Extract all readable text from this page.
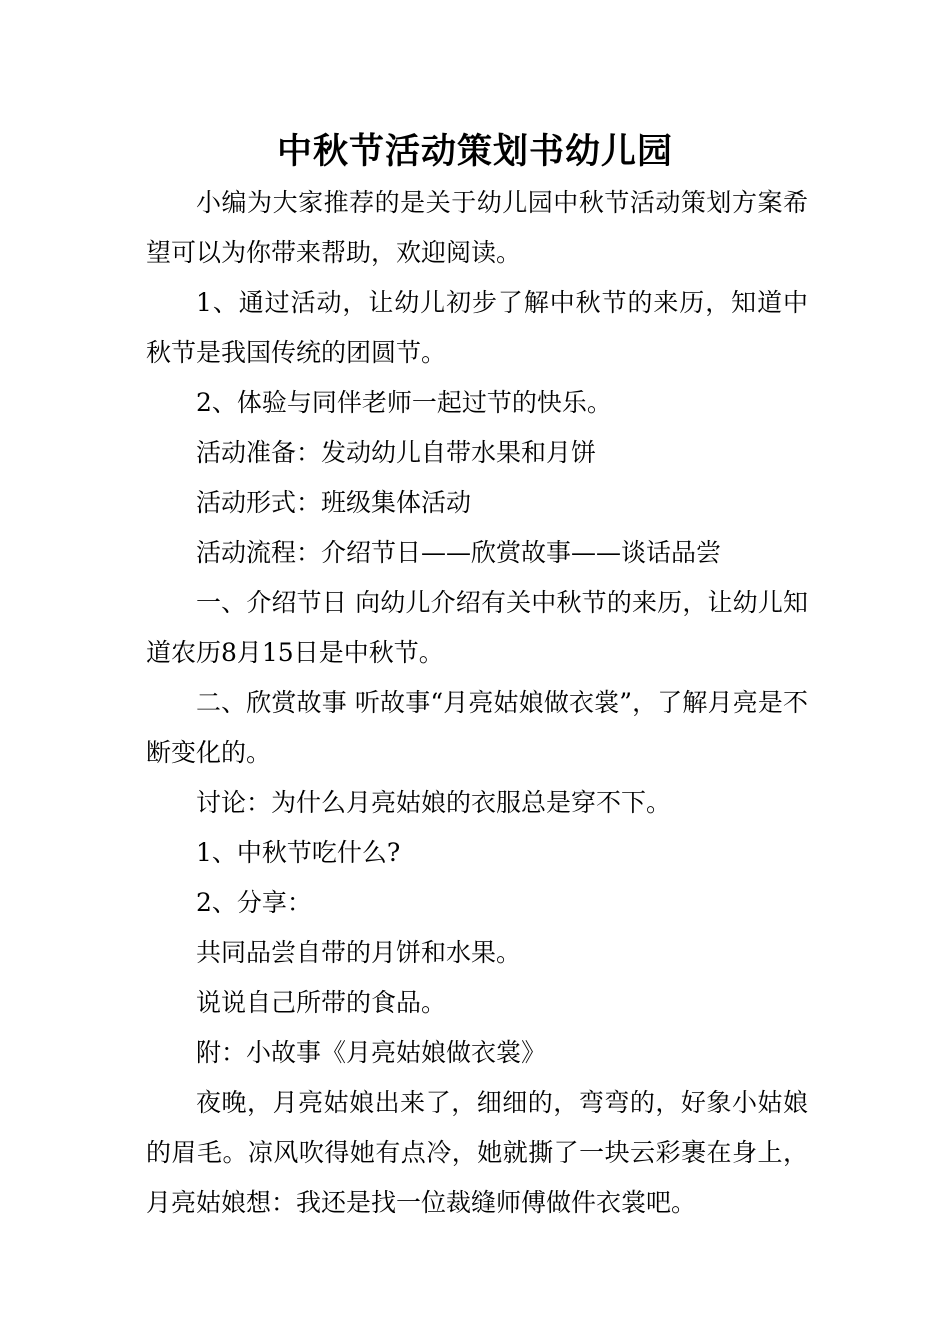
中秋节活动策划书幼儿园

小编为大家推荐的是关于幼儿园中秋节活动策划方案希望可以为你带来帮助，欢迎阅读。

1、通过活动，让幼儿初步了解中秋节的来历，知道中秋节是我国传统的团圆节。

2、体验与同伴老师一起过节的快乐。

活动准备：发动幼儿自带水果和月饼

活动形式：班级集体活动

活动流程：介绍节日——欣赏故事——谈话品尝

一、介绍节日 向幼儿介绍有关中秋节的来历，让幼儿知道农历8月15日是中秋节。

二、欣赏故事 听故事“月亮姑娘做衣裳”，了解月亮是不断变化的。

讨论：为什么月亮姑娘的衣服总是穿不下。

1、中秋节吃什么?

2、分享：

共同品尝自带的月饼和水果。

说说自己所带的食品。

附：小故事《月亮姑娘做衣裳》

夜晚，月亮姑娘出来了，细细的，弯弯的，好象小姑娘的眉毛。凉风吹得她有点冷，她就撕了一块云彩裹在身上，月亮姑娘想：我还是找一位裁缝师傅做件衣裳吧。
